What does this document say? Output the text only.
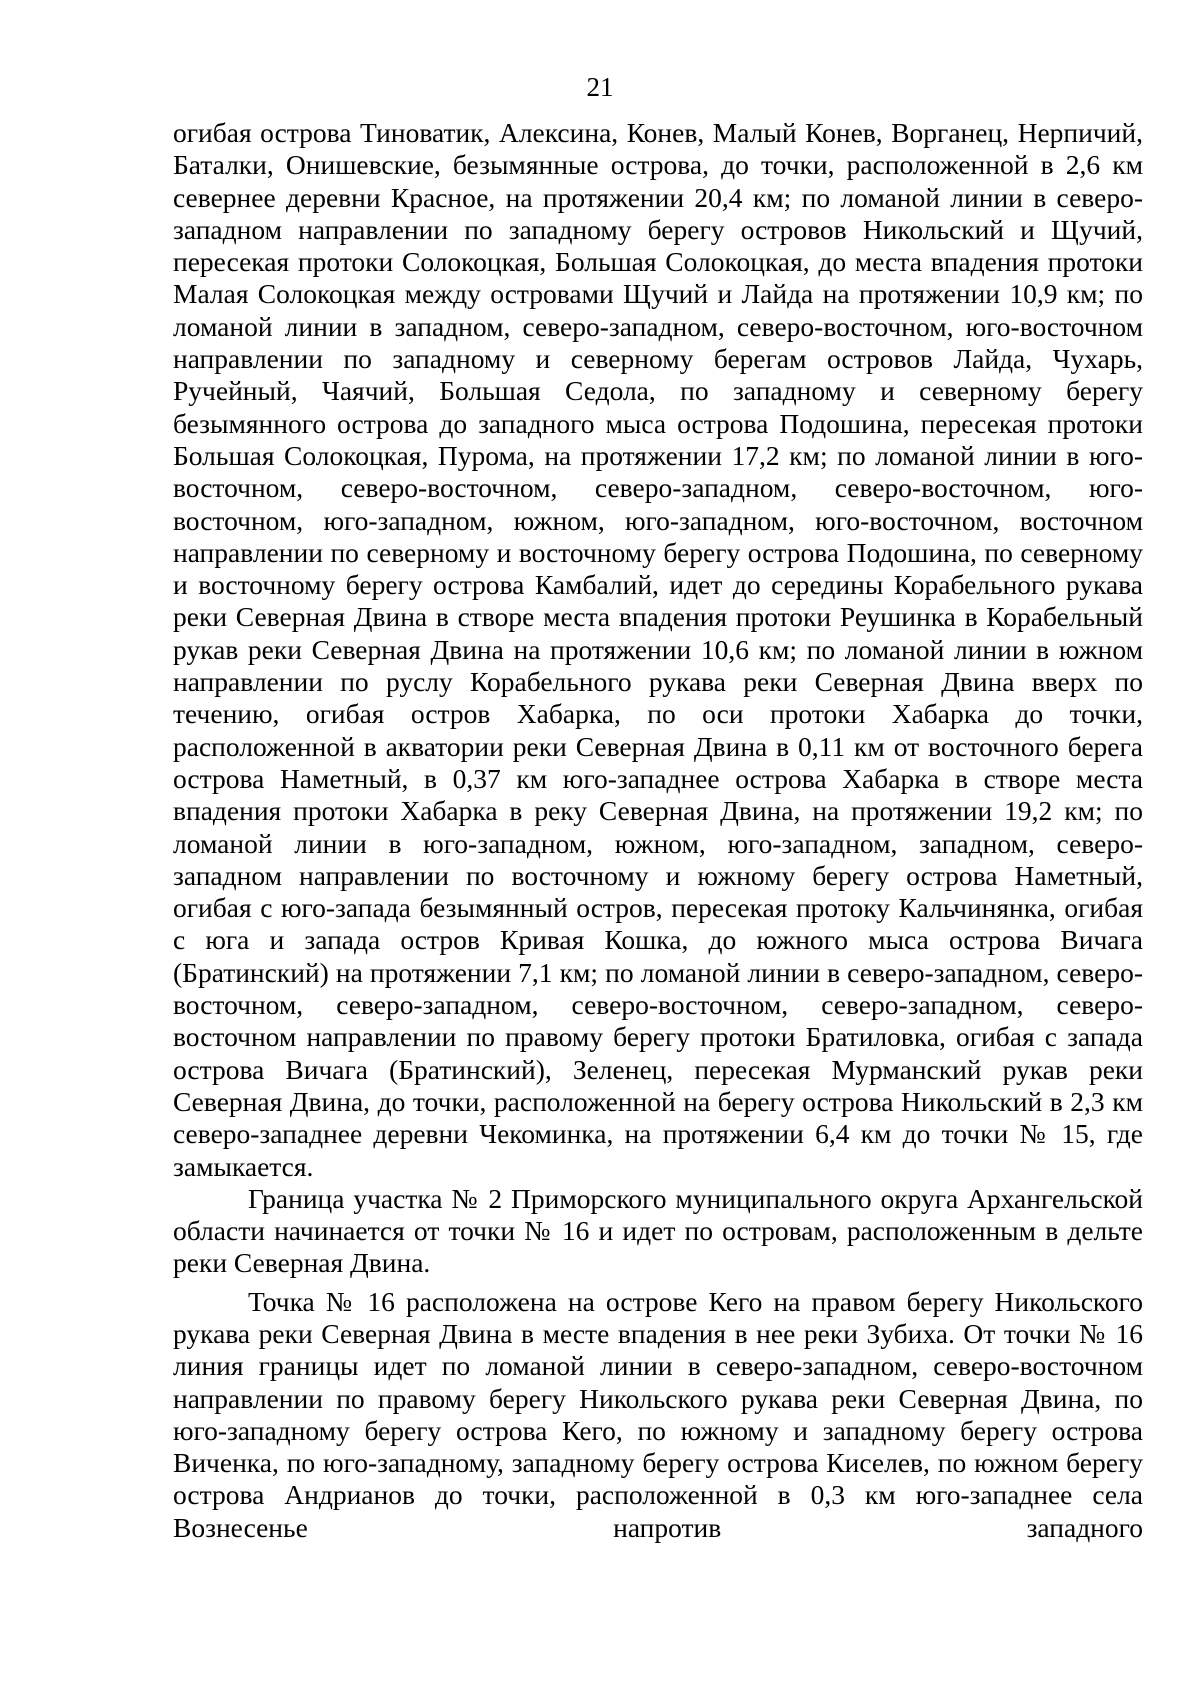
21

огибая острова Тиноватик, Алексина, Конев, Малый Конев, Ворганец, Нерпичий, Баталки, Онишевские, безымянные острова, до точки, расположенной в 2,6 км севернее деревни Красное, на протяжении 20,4 км; по ломаной линии в северо-западном направлении по западному берегу островов Никольский и Щучий, пересекая протоки Солокоцкая, Большая Солокоцкая, до места впадения протоки Малая Солокоцкая между островами Щучий и Лайда на протяжении 10,9 км; по ломаной линии в западном, северо-западном, северо-восточном, юго-восточном направлении по западному и северному берегам островов Лайда, Чухарь, Ручейный, Чаячий, Большая Седола, по западному и северному берегу безымянного острова до западного мыса острова Подошина, пересекая протоки Большая Солокоцкая, Пурома, на протяжении 17,2 км; по ломаной линии в юго-восточном, северо-восточном, северо-западном, северо-восточном, юго-восточном, юго-западном, южном, юго-западном, юго-восточном, восточном направлении по северному и восточному берегу острова Подошина, по северному и восточному берегу острова Камбалий, идет до середины Корабельного рукава реки Северная Двина в створе места впадения протоки Реушинка в Корабельный рукав реки Северная Двина на протяжении 10,6 км; по ломаной линии в южном направлении по руслу Корабельного рукава реки Северная Двина вверх по течению, огибая остров Хабарка, по оси протоки Хабарка до точки, расположенной в акватории реки Северная Двина в 0,11 км от восточного берега острова Наметный, в 0,37 км юго-западнее острова Хабарка в створе места впадения протоки Хабарка в реку Северная Двина, на протяжении 19,2 км; по ломаной линии в юго-западном, южном, юго-западном, западном, северо-западном направлении по восточному и южному берегу острова Наметный, огибая с юго-запада безымянный остров, пересекая протоку Кальчинянка, огибая с юга и запада остров Кривая Кошка, до южного мыса острова Вичага (Братинский) на протяжении 7,1 км; по ломаной линии в северо-западном, северо-восточном, северо-западном, северо-восточном, северо-западном, северо-восточном направлении по правому берегу протоки Братиловка, огибая с запада острова Вичага (Братинский), Зеленец, пересекая Мурманский рукав реки Северная Двина, до точки, расположенной на берегу острова Никольский в 2,3 км северо-западнее деревни Чекоминка, на протяжении 6,4 км до точки № 15, где замыкается.

Граница участка № 2 Приморского муниципального округа Архангельской области начинается от точки № 16 и идет по островам, расположенным в дельте реки Северная Двина.

Точка № 16 расположена на острове Кего на правом берегу Никольского рукава реки Северная Двина в месте впадения в нее реки Зубиха. От точки № 16 линия границы идет по ломаной линии в северо-западном, северо-восточном направлении по правому берегу Никольского рукава реки Северная Двина, по юго-западному берегу острова Кего, по южному и западному берегу острова Виченка, по юго-западному, западному берегу острова Киселев, по южном берегу острова Андрианов до точки, расположенной в 0,3 км юго-западнее села Вознесенье напротив западного
